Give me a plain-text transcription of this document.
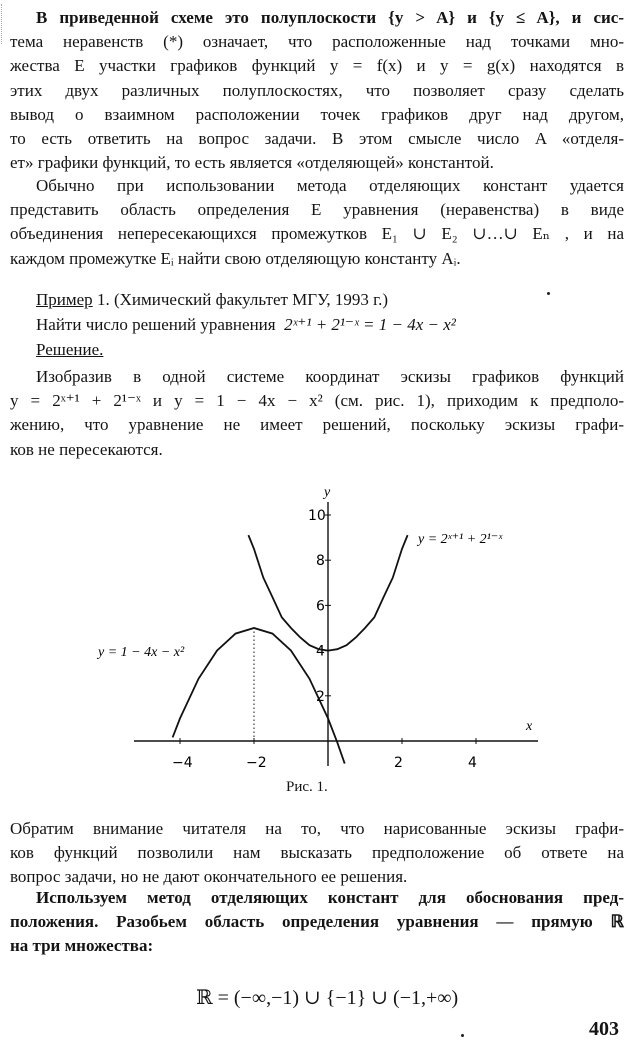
В приведенной схеме это полуплоскости {y > A} и {y ≤ A}, и сис-
тема неравенств (*) означает, что расположенные над точками мно-
жества E участки графиков функций y = f(x) и y = g(x) находятся в
этих двух различных полуплоскостях, что позволяет сразу сделать
вывод о взаимном расположении точек графиков друг над другом,
то есть ответить на вопрос задачи. В этом смысле число A «отделя-
ет» графики функций, то есть является «отделяющей» константой.
Обычно при использовании метода отделяющих констант удается
представить область определения E уравнения (неравенства) в виде
объединения непересекающихся промежутков E₁ ∪ E₂ ∪…∪ Eₙ , и на
каждом промежутке Eᵢ найти свою отделяющую константу Aᵢ.
Пример 1. (Химический факультет МГУ, 1993 г.)
Найти число решений уравнения 2ˣ⁺¹ + 2¹⁻ˣ = 1 − 4x − x²
Решение.
Изобразив в одной системе координат эскизы графиков функций
y = 2ˣ⁺¹ + 2¹⁻ˣ и y = 1 − 4x − x² (см. рис. 1), приходим к предполо-
жению, что уравнение не имеет решений, поскольку эскизы графи-
ков не пересекаются.
−4	−2	2	4
2
4
6
8
10
x
y
y = 2ˣ⁺¹ + 2¹⁻ˣ
y = 1 − 4x − x²
Рис. 1.
Обратим внимание читателя на то, что нарисованные эскизы графи-
ков функций позволили нам высказать предположение об ответе на
вопрос задачи, но не дают окончательного ее решения.
Используем метод отделяющих констант для обоснования пред-
положения. Разобьем область определения уравнения — прямую ℝ
на три множества:
ℝ = (−∞,−1) ∪ {−1} ∪ (−1,+∞)
403
